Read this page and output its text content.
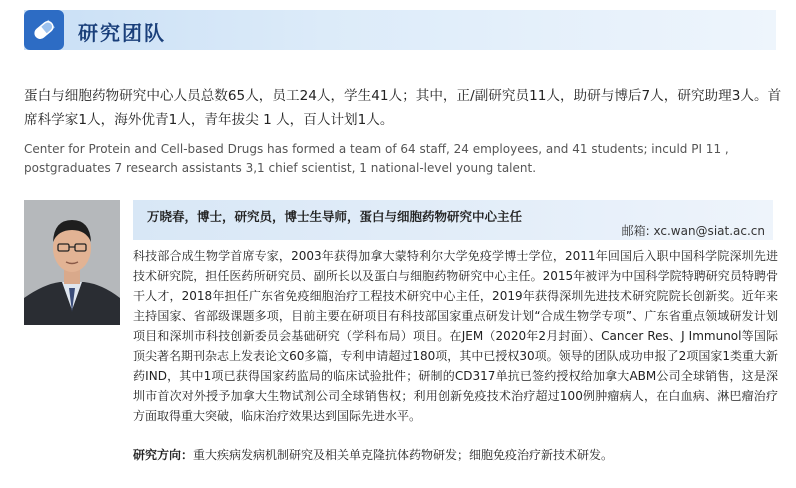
研究团队
蛋白与细胞药物研究中心人员总数65人，员工24人，学生41人；其中，正/副研究员11人，助研与博后7人，研究助理3人。首席科学家1人，海外优青1人，青年拔尖 1 人，百人计划1人。
Center for Protein and Cell-based Drugs has formed a team of 64 staff, 24 employees, and 41 students; inculd PI 11 , postgraduates 7 research assistants 3,1 chief scientist, 1 national-level young talent.
万晓春，博士，研究员，博士生导师，蛋白与细胞药物研究中心主任
邮箱: xc.wan@siat.ac.cn
科技部合成生物学首席专家，2003年获得加拿大蒙特利尔大学免疫学博士学位，2011年回国后入职中国科学院深圳先进技术研究院，担任医药所研究员、副所长以及蛋白与细胞药物研究中心主任。2015年被评为中国科学院特聘研究员特聘骨干人才，2018年担任广东省免疫细胞治疗工程技术研究中心主任，2019年获得深圳先进技术研究院院长创新奖。近年来主持国家、省部级课题多项，目前主要在研项目有科技部国家重点研发计划“合成生物学专项”、广东省重点领域研发计划项目和深圳市科技创新委员会基础研究（学科布局）项目。在JEM（2020年2月封面）、Cancer Res、J Immunol等国际顶尖著名期刊杂志上发表论文60多篇，专利申请超过180项，其中已授权30项。领导的团队成功申报了2项国家1类重大新药IND，其中1项已获得国家药监局的临床试验批件；研制的CD317单抗已签约授权给加拿大ABM公司全球销售，这是深圳市首次对外授予加拿大生物试剂公司全球销售权；利用创新免疫技术治疗超过100例肿瘤病人，在白血病、淋巴瘤治疗方面取得重大突破，临床治疗效果达到国际先进水平。
研究方向：重大疾病发病机制研究及相关单克隆抗体药物研发；细胞免疫治疗新技术研发。
